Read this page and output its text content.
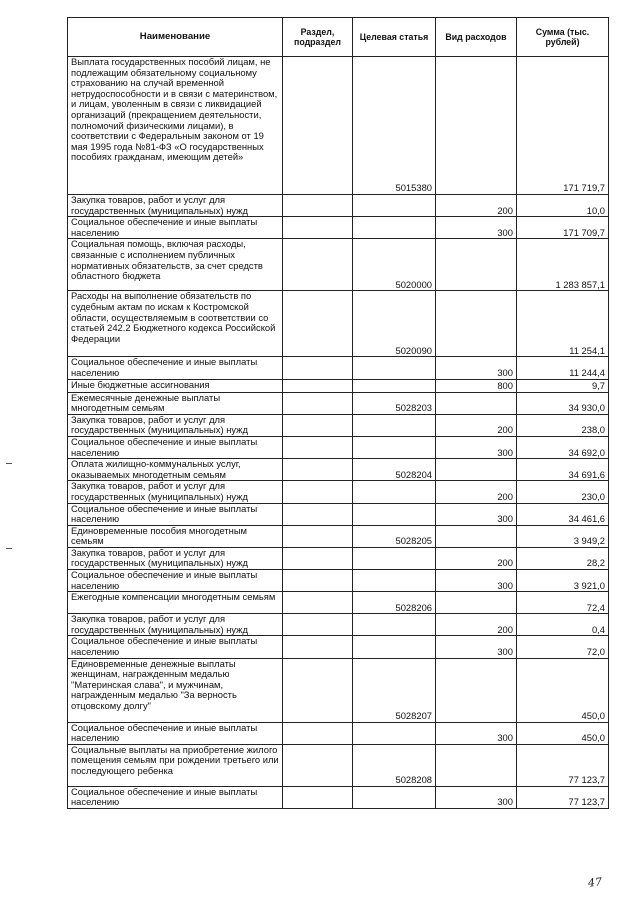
Наименование	Раздел, подраздел	Целевая статья	Вид расходов	Сумма (тыс. рублей)
Выплата государственных пособий лицам, не подлежащим обязательному социальному страхованию на случай временной нетрудоспособности и в связи с материнством, и лицам, уволенным в связи с ликвидацией организаций (прекращением деятельности, полномочий физическими лицами), в соответствии с Федеральным законом от 19 мая 1995 года №81-ФЗ «О государственных пособиях гражданам, имеющим детей»		5015380		171 719,7
Закупка товаров, работ и услуг для государственных (муниципальных) нужд			200	10,0
Социальное обеспечение и иные выплаты населению			300	171 709,7
Социальная помощь, включая расходы, связанные с исполнением публичных нормативных обязательств, за счет средств областного бюджета		5020000		1 283 857,1
Расходы на выполнение обязательств по судебным актам по искам к Костромской области, осуществляемым в соответствии со статьей 242.2 Бюджетного кодекса Российской Федерации		5020090		11 254,1
Социальное обеспечение и иные выплаты населению			300	11 244,4
Иные бюджетные ассигнования			800	9,7
Ежемесячные денежные выплаты многодетным семьям		5028203		34 930,0
Закупка товаров, работ и услуг для государственных (муниципальных) нужд			200	238,0
Социальное обеспечение и иные выплаты населению			300	34 692,0
Оплата жилищно-коммунальных услуг, оказываемых многодетным семьям		5028204		34 691,6
Закупка товаров, работ и услуг для государственных (муниципальных) нужд			200	230,0
Социальное обеспечение и иные выплаты населению			300	34 461,6
Единовременные пособия многодетным семьям		5028205		3 949,2
Закупка товаров, работ и услуг для государственных (муниципальных) нужд			200	28,2
Социальное обеспечение и иные выплаты населению			300	3 921,0
Ежегодные компенсации многодетным семьям		5028206		72,4
Закупка товаров, работ и услуг для государственных (муниципальных) нужд			200	0,4
Социальное обеспечение и иные выплаты населению			300	72,0
Единовременные денежные выплаты женщинам, награжденным медалью "Материнская слава", и мужчинам, награжденным медалью "За верность отцовскому долгу"		5028207		450,0
Социальное обеспечение и иные выплаты населению			300	450,0
Социальные выплаты на приобретение жилого помещения семьям при рождении третьего или последующего ребенка		5028208		77 123,7
Социальное обеспечение и иные выплаты населению			300	77 123,7
47
